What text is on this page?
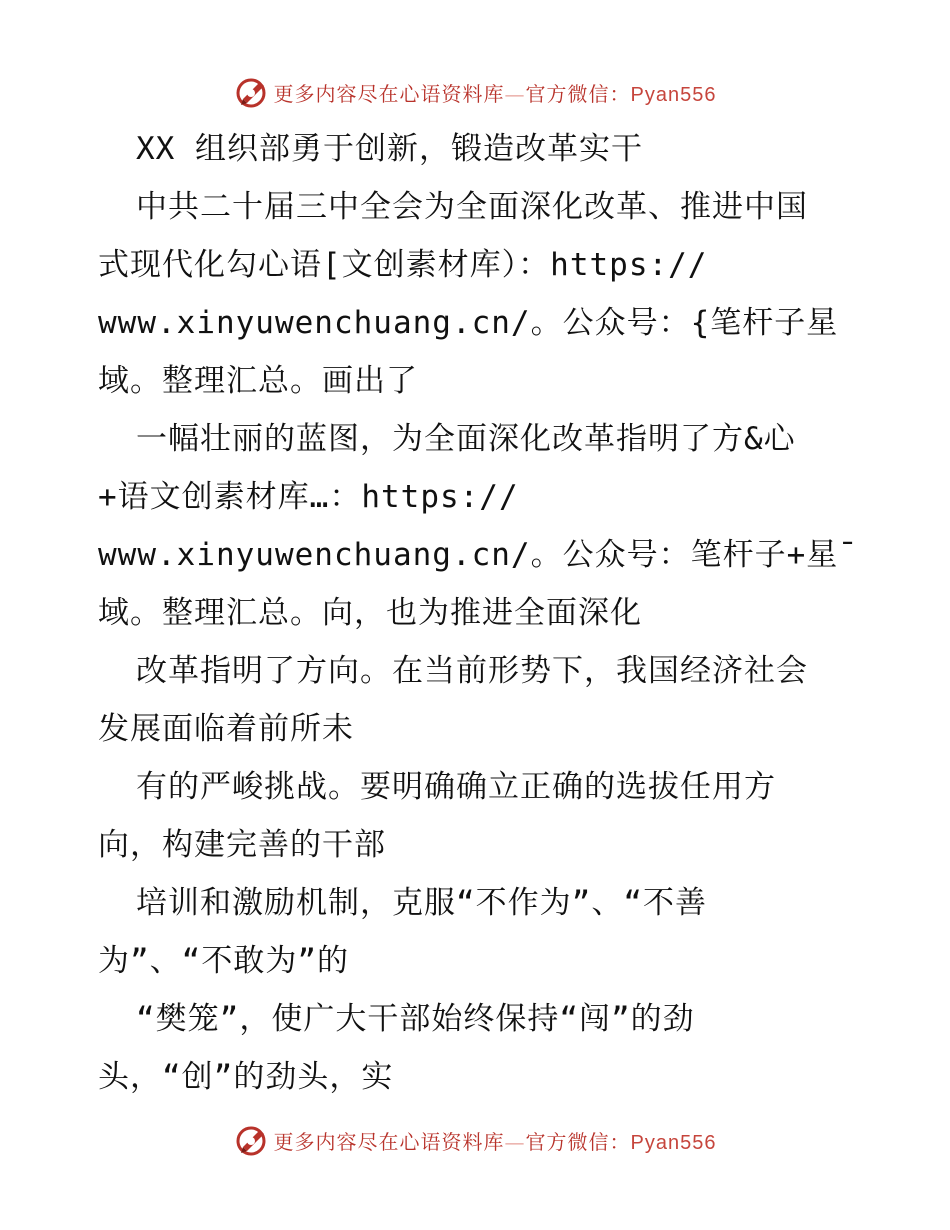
更多内容尽在心语资料库—官方微信：Pyan556
XX 组织部勇于创新，锻造改革实干
中共二十届三中全会为全面深化改革、推进中国
式现代化勾心语[文创素材库）：https://
www.xinyuwenchuang.cn/。公众号：{笔杆子星
域。整理汇总。画出了
一幅壮丽的蓝图，为全面深化改革指明了方&心
+语文创素材库…：https://
www.xinyuwenchuang.cn/。公众号：笔杆子+星¯
域。整理汇总。向，也为推进全面深化
改革指明了方向。在当前形势下，我国经济社会
发展面临着前所未
有的严峻挑战。要明确确立正确的选拔任用方
向，构建完善的干部
培训和激励机制，克服“不作为”、“不善
为”、“不敢为”的
“樊笼”，使广大干部始终保持“闯”的劲
头，“创”的劲头，实
更多内容尽在心语资料库—官方微信：Pyan556
